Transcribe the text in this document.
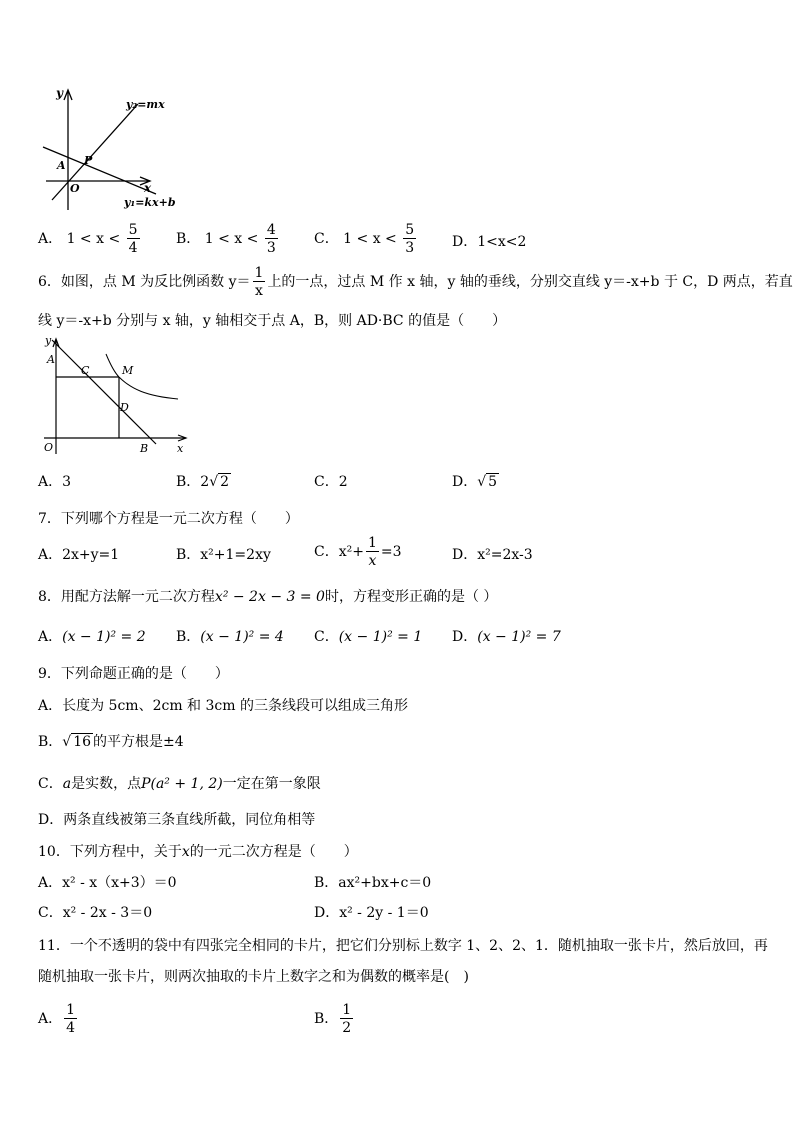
y
x
y₂=mx
y₁=kx+b
A P
O
A． $1 < x < \frac{5}{4}$	B． $1 < x < \frac{4}{3}$	C． $1 < x < \frac{5}{3}$	D．1<x<2
6．如图，点 M 为反比例函数 $y= \frac{1}{x}$ 上的一点，过点 M 作 x 轴，y 轴的垂线，分别交直线 y＝-x+b 于 C，D 两点，若直
线 y＝-x+b 分别与 x 轴，y 轴相交于点 A，B，则 AD·BC 的值是（　　）
y
x
A
C	M
D
O	B
A．3	B．2√ 2	C．2	D．√ 5
7．下列哪个方程是一元二次方程（　　）
A．2x+y=1	B．x²+1=2xy	C．$x^2+ \frac{1}{x} =3$	D．x²=2x-3
8．用配方法解一元二次方程x² − 2x − 3 = 0时，方程变形正确的是（ ）
A．(x − 1)² = 2 B．(x − 1)² = 4 C．(x − 1)² = 1 D．(x − 1)² = 7
9．下列命题正确的是（　　）
A．长度为 5cm、2cm 和 3cm 的三条线段可以组成三角形
B．√ 16 的平方根是±4
C．a是实数，点P(a² + 1, 2)一定在第一象限
D．两条直线被第三条直线所截，同位角相等
10．下列方程中，关于x的一元二次方程是（　　）
A．x² - x（x+3）＝0	B．ax²+bx+c＝0
C．x² - 2x - 3＝0	D．x² - 2y - 1＝0
11．一个不透明的袋中有四张完全相同的卡片，把它们分别标上数字 1、2、2、1．随机抽取一张卡片，然后放回，再
随机抽取一张卡片，则两次抽取的卡片上数字之和为偶数的概率是(　)
A． $\frac{1}{4}$	B． $\frac{1}{2}$
